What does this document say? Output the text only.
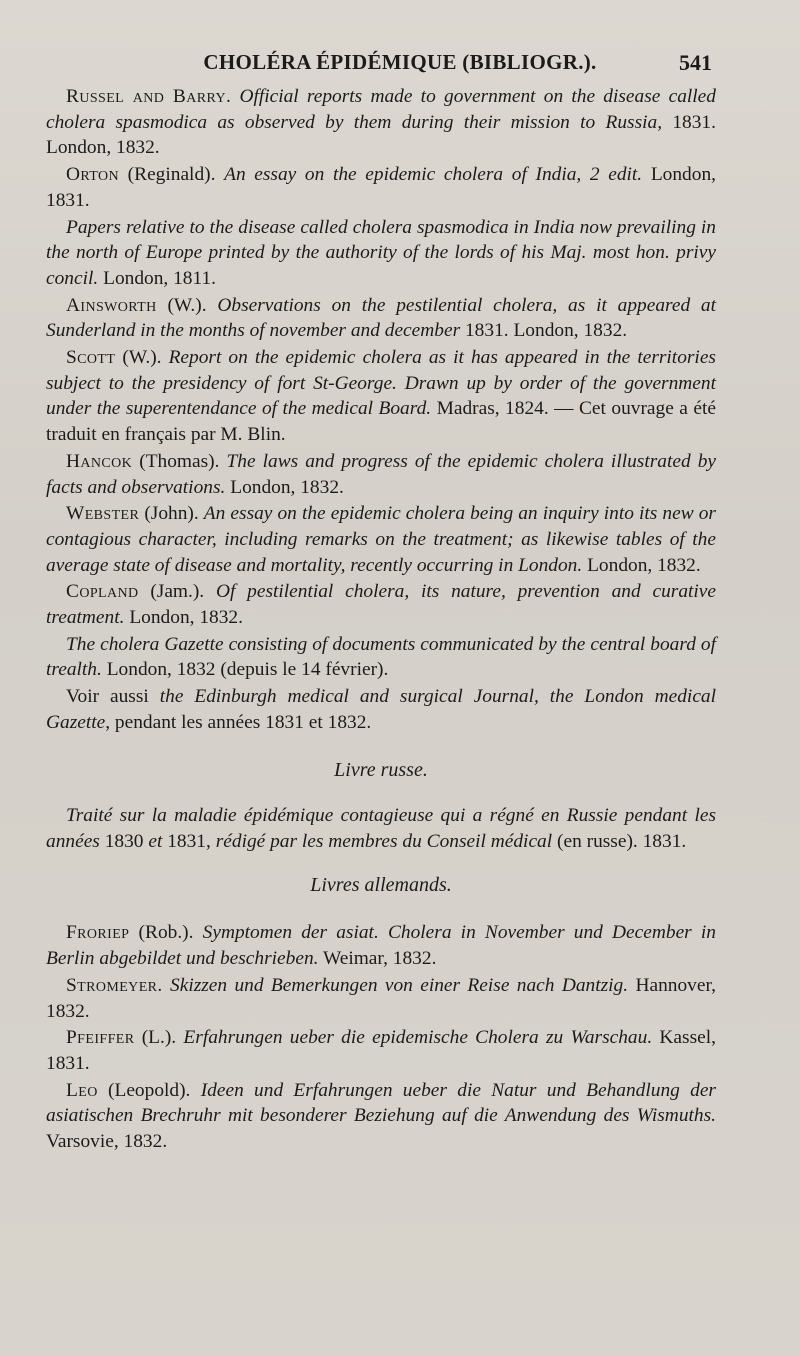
CHOLÉRA ÉPIDÉMIQUE (BIBLIOGR.).	541

Russel and Barry. Official reports made to government on the disease called cholera spasmodica as observed by them during their mission to Russia, 1831. London, 1832.

Orton (Reginald). An essay on the epidemic cholera of India, 2 edit. London, 1831.

Papers relative to the disease called cholera spasmodica in India now prevailing in the north of Europe printed by the authority of the lords of his Maj. most hon. privy concil. London, 1811.

Ainsworth (W.). Observations on the pestilential cholera, as it appeared at Sunderland in the months of november and december 1831. London, 1832.

Scott (W.). Report on the epidemic cholera as it has appeared in the territories subject to the presidency of fort St-George. Drawn up by order of the government under the superentendance of the medical Board. Madras, 1824. — Cet ouvrage a été traduit en français par M. Blin.

Hancok (Thomas). The laws and progress of the epidemic cholera illustrated by facts and observations. London, 1832.

Webster (John). An essay on the epidemic cholera being an inquiry into its new or contagious character, including remarks on the treatment; as likewise tables of the average state of disease and mortality, recently occurring in London. London, 1832.

Copland (Jam.). Of pestilential cholera, its nature, prevention and curative treatment. London, 1832.

The cholera Gazette consisting of documents communicated by the central board of trealth. London, 1832 (depuis le 14 février).

Voir aussi the Edinburgh medical and surgical Journal, the London medical Gazette, pendant les années 1831 et 1832.

Livre russe.

Traité sur la maladie épidémique contagieuse qui a régné en Russie pendant les années 1830 et 1831, rédigé par les membres du Conseil médical (en russe). 1831.

Livres allemands.

Froriep (Rob.). Symptomen der asiat. Cholera in November und December in Berlin abgebildet und beschrieben. Weimar, 1832.

Stromeyer. Skizzen und Bemerkungen von einer Reise nach Dantzig. Hannover, 1832.

Pfeiffer (L.). Erfahrungen ueber die epidemische Cholera zu Warschau. Kassel, 1831.

Leo (Leopold). Ideen und Erfahrungen ueber die Natur und Behandlung der asiatischen Brechruhr mit besonderer Beziehung auf die Anwendung des Wismuths. Varsovie, 1832.
